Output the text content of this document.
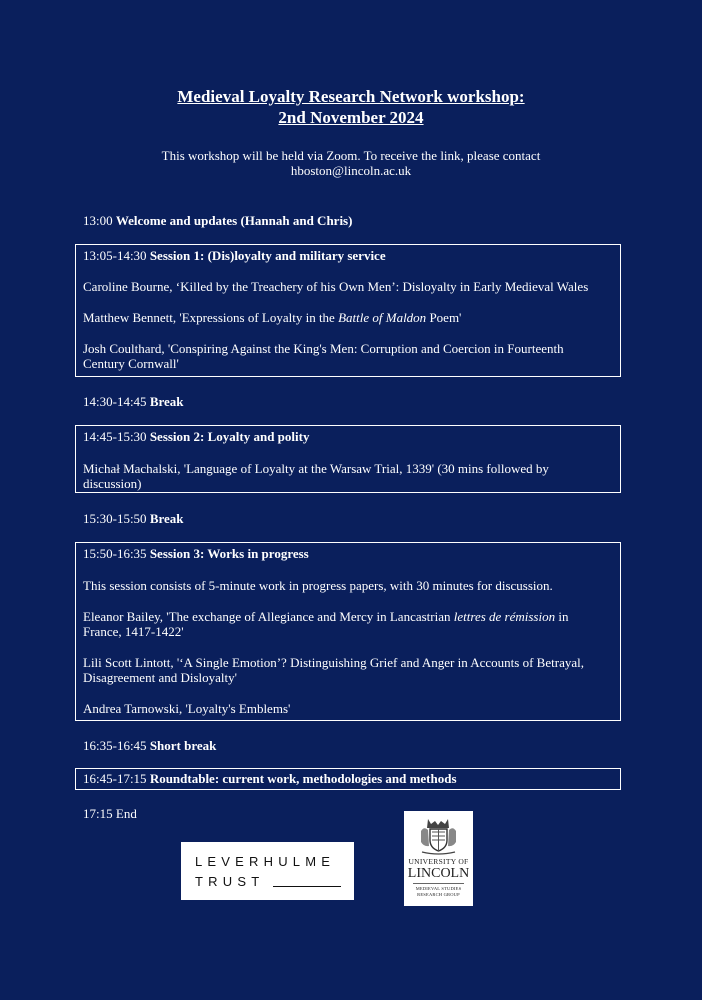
Medieval Loyalty Research Network workshop:
2nd November 2024
This workshop will be held via Zoom. To receive the link, please contact
hboston@lincoln.ac.uk
13:00 Welcome and updates (Hannah and Chris)

13:05-14:30 Session 1: (Dis)loyalty and military service

Caroline Bourne, ‘Killed by the Treachery of his Own Men’: Disloyalty in Early Medieval Wales

Matthew Bennett, 'Expressions of Loyalty in the Battle of Maldon Poem'

Josh Coulthard, 'Conspiring Against the King's Men: Corruption and Coercion in Fourteenth
Century Cornwall'

14:30-14:45 Break

14:45-15:30 Session 2: Loyalty and polity

Michał Machalski, 'Language of Loyalty at the Warsaw Trial, 1339' (30 mins followed by
discussion)

15:30-15:50 Break

15:50-16:35 Session 3: Works in progress

This session consists of 5-minute work in progress papers, with 30 minutes for discussion.

Eleanor Bailey, 'The exchange of Allegiance and Mercy in Lancastrian lettres de rémission in
France, 1417-1422'

Lili Scott Lintott, '‘A Single Emotion’? Distinguishing Grief and Anger in Accounts of Betrayal,
Disagreement and Disloyalty'

Andrea Tarnowski, 'Loyalty's Emblems'

16:35-16:45 Short break

16:45-17:15 Roundtable: current work, methodologies and methods

17:15 End
LEVERHULME
TRUST
UNIVERSITY OF
LINCOLN
MEDIEVAL STUDIES
RESEARCH GROUP
